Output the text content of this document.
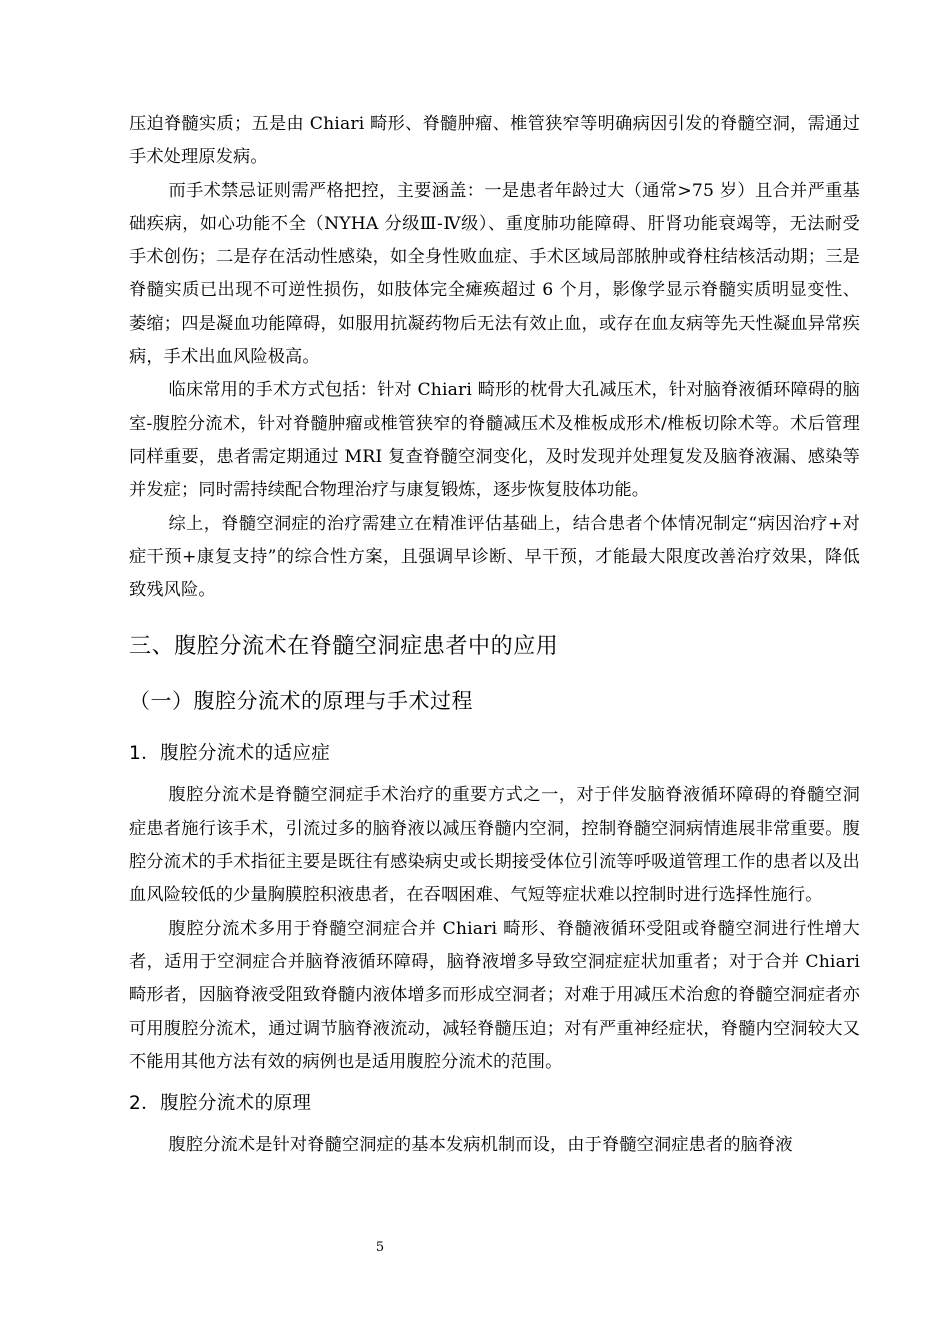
压迫脊髓实质；五是由 Chiari 畸形、脊髓肿瘤、椎管狭窄等明确病因引发的脊髓空洞，需通过手术处理原发病。

而手术禁忌证则需严格把控，主要涵盖：一是患者年龄过大（通常>75 岁）且合并严重基础疾病，如心功能不全（NYHA 分级Ⅲ-Ⅳ级）、重度肺功能障碍、肝肾功能衰竭等，无法耐受手术创伤；二是存在活动性感染，如全身性败血症、手术区域局部脓肿或脊柱结核活动期；三是脊髓实质已出现不可逆性损伤，如肢体完全瘫痪超过 6 个月，影像学显示脊髓实质明显变性、萎缩；四是凝血功能障碍，如服用抗凝药物后无法有效止血，或存在血友病等先天性凝血异常疾病，手术出血风险极高。

临床常用的手术方式包括：针对 Chiari 畸形的枕骨大孔减压术，针对脑脊液循环障碍的脑室-腹腔分流术，针对脊髓肿瘤或椎管狭窄的脊髓减压术及椎板成形术/椎板切除术等。术后管理同样重要，患者需定期通过 MRI 复查脊髓空洞变化，及时发现并处理复发及脑脊液漏、感染等并发症；同时需持续配合物理治疗与康复锻炼，逐步恢复肢体功能。

综上，脊髓空洞症的治疗需建立在精准评估基础上，结合患者个体情况制定“病因治疗+对症干预+康复支持”的综合性方案，且强调早诊断、早干预，才能最大限度改善治疗效果，降低致残风险。

三、腹腔分流术在脊髓空洞症患者中的应用
（一）腹腔分流术的原理与手术过程
1．腹腔分流术的适应症

腹腔分流术是脊髓空洞症手术治疗的重要方式之一，对于伴发脑脊液循环障碍的脊髓空洞症患者施行该手术，引流过多的脑脊液以减压脊髓内空洞，控制脊髓空洞病情進展非常重要。腹腔分流术的手术指征主要是既往有感染病史或长期接受体位引流等呼吸道管理工作的患者以及出血风险较低的少量胸膜腔积液患者，在吞咽困难、气短等症状难以控制时进行选择性施行。

腹腔分流术多用于脊髓空洞症合并 Chiari 畸形、脊髓液循环受阻或脊髓空洞进行性增大者，适用于空洞症合并脑脊液循环障碍，脑脊液增多导致空洞症症状加重者；对于合并 Chiari 畸形者，因脑脊液受阻致脊髓内液体增多而形成空洞者；对难于用减压术治愈的脊髓空洞症者亦可用腹腔分流术，通过调节脑脊液流动，减轻脊髓压迫；对有严重神经症状，脊髓内空洞较大又不能用其他方法有效的病例也是适用腹腔分流术的范围。

2．腹腔分流术的原理

腹腔分流术是针对脊髓空洞症的基本发病机制而设，由于脊髓空洞症患者的脑脊液

5
